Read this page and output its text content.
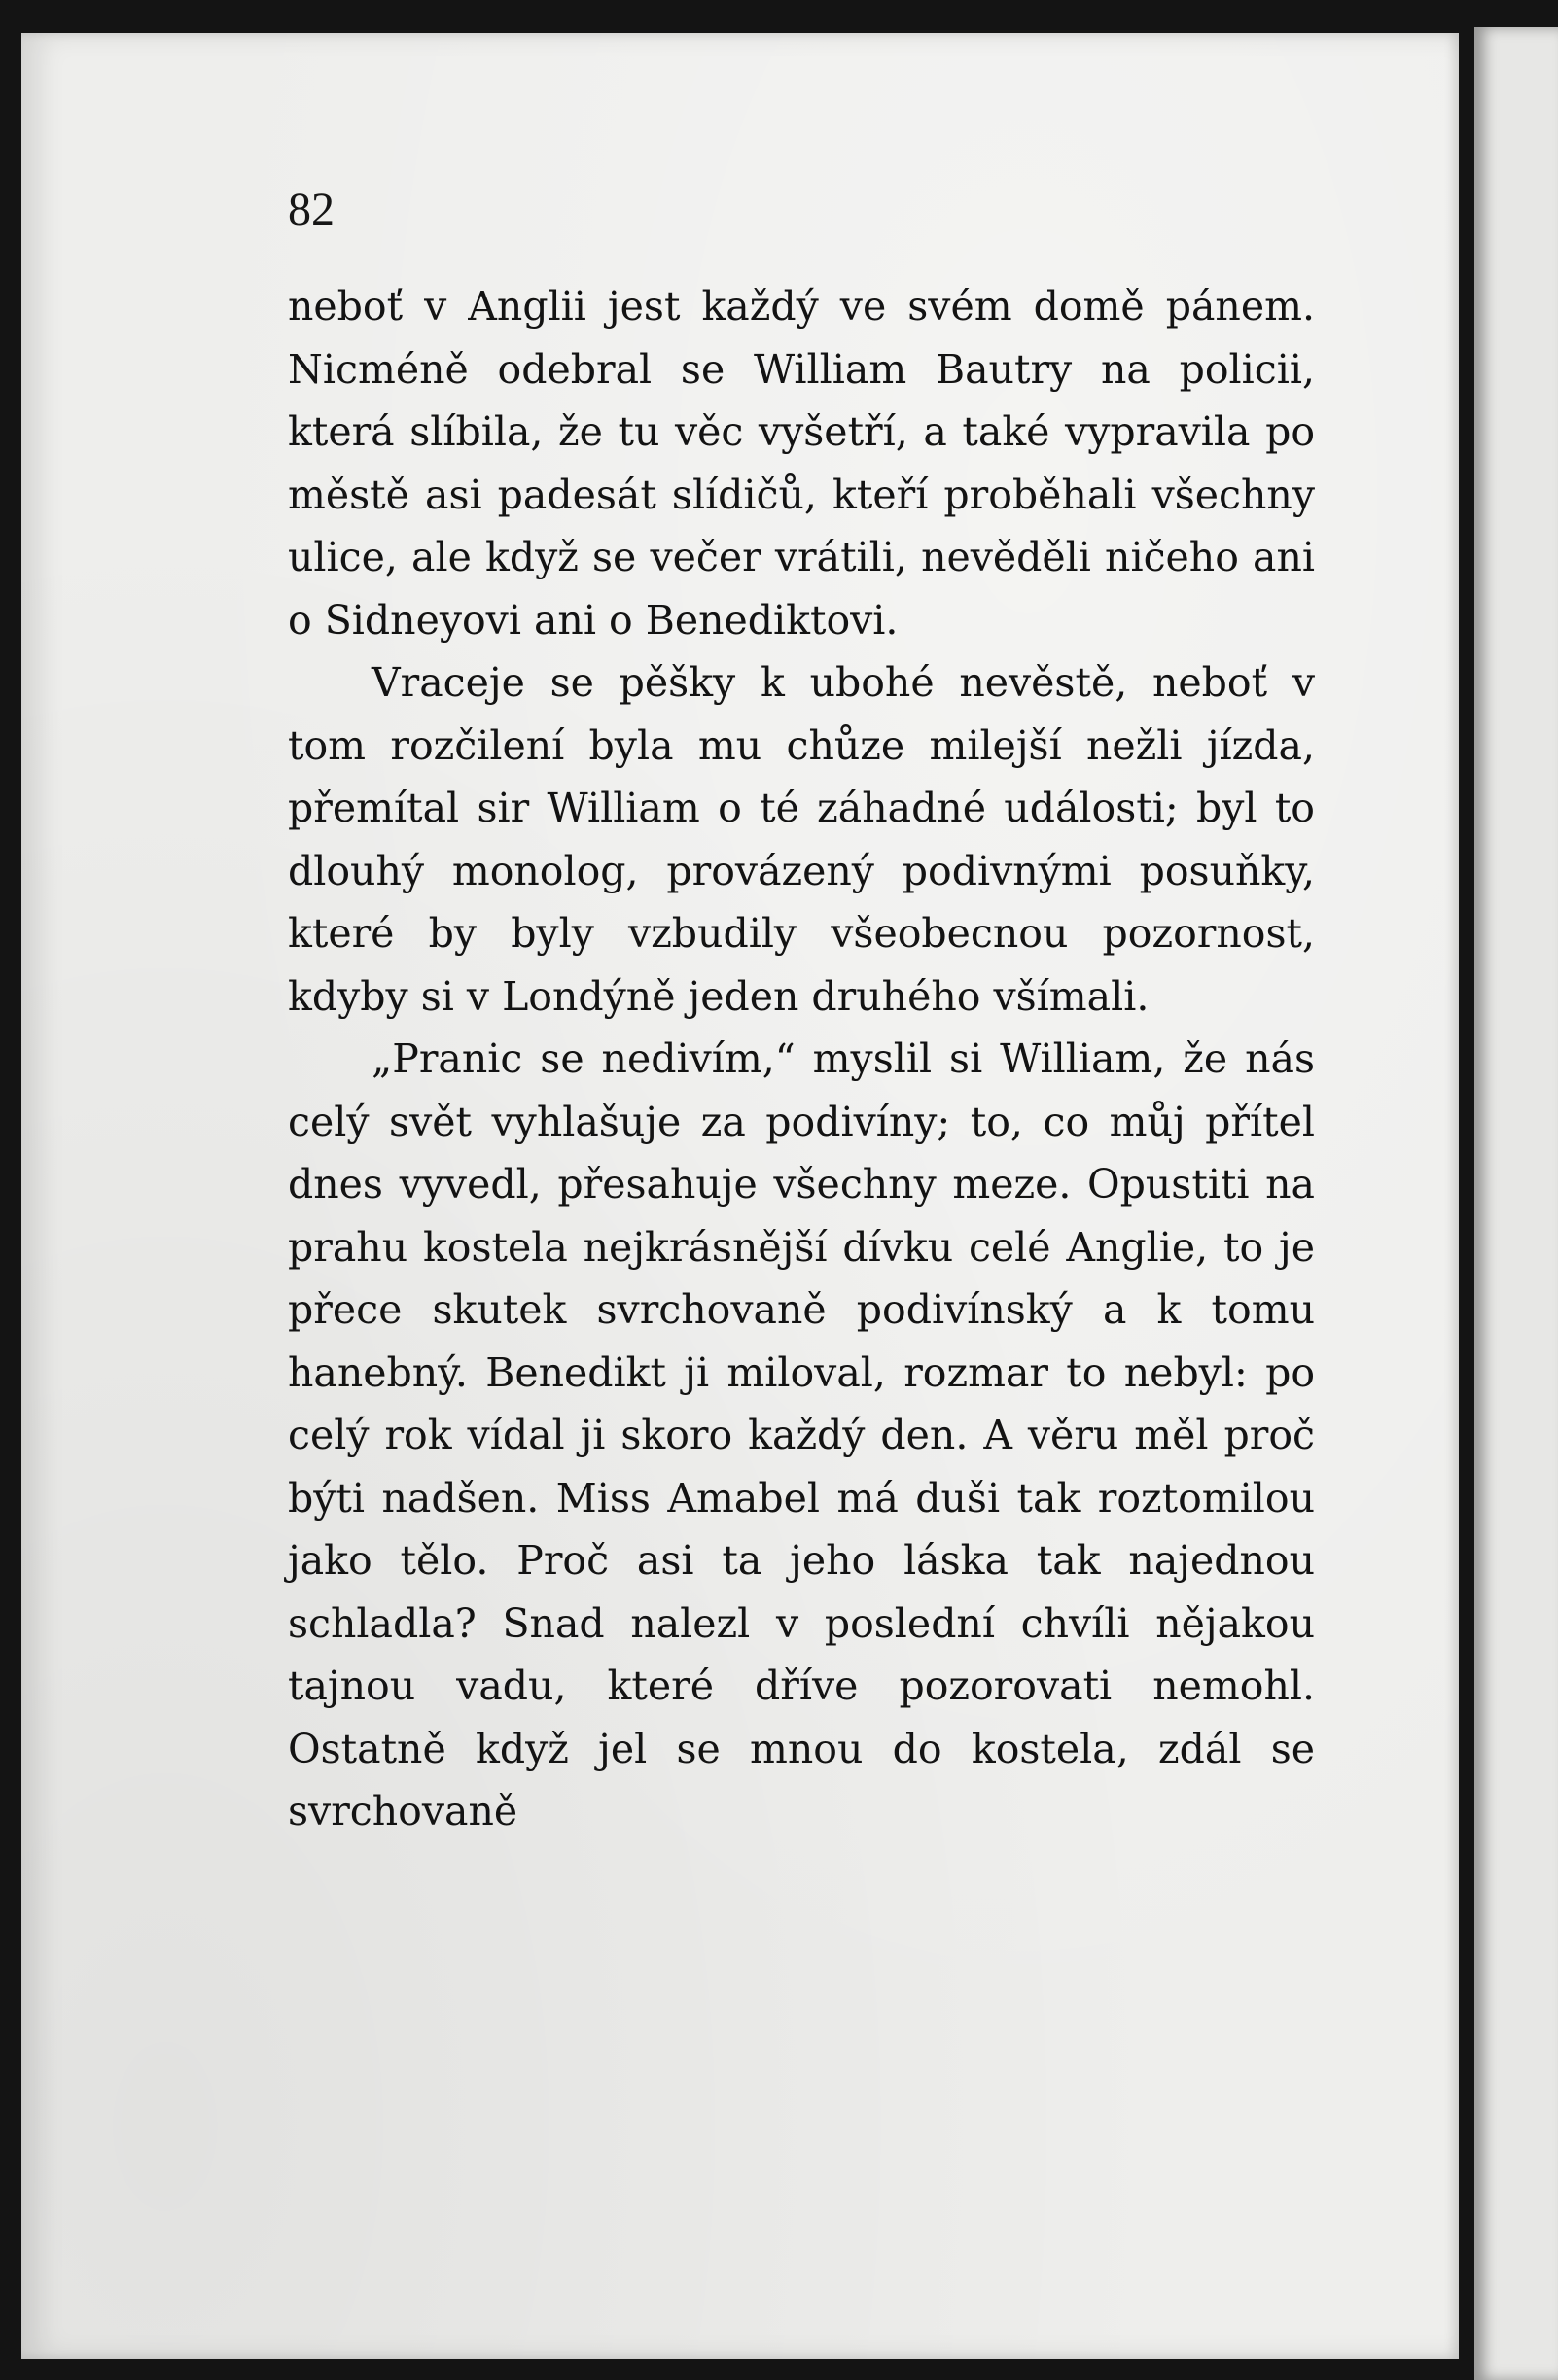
82

neboť v Anglii jest každý ve svém domě pánem. Nicméně odebral se William Bautry na policii, která slíbila, že tu věc vyšetří, a také vypravila po městě asi padesát slídičů, kteří proběhali všechny ulice, ale když se večer vrátili, nevěděli ničeho ani o Sidneyovi ani o Benediktovi.

Vraceje se pěšky k ubohé nevěstě, neboť v tom rozčilení byla mu chůze milejší nežli jízda, přemítal sir William o té záhadné události; byl to dlouhý monolog, provázený podivnými posuňky, které by byly vzbudily všeobecnou pozornost, kdyby si v Londýně jeden druhého všímali.

„Pranic se nedivím,“ myslil si William, že nás celý svět vyhlašuje za podivíny; to, co můj přítel dnes vyvedl, přesahuje všechny meze. Opustiti na prahu kostela nejkrásnější dívku celé Anglie, to je přece skutek svrchovaně podivínský a k tomu hanebný. Benedikt ji miloval, rozmar to nebyl: po celý rok vídal ji skoro každý den. A věru měl proč býti nadšen. Miss Amabel má duši tak roztomilou jako tělo. Proč asi ta jeho láska tak najednou schladla? Snad nalezl v poslední chvíli nějakou tajnou vadu, které dříve pozorovati nemohl. Ostatně když jel se mnou do kostela, zdál se svrchovaně
